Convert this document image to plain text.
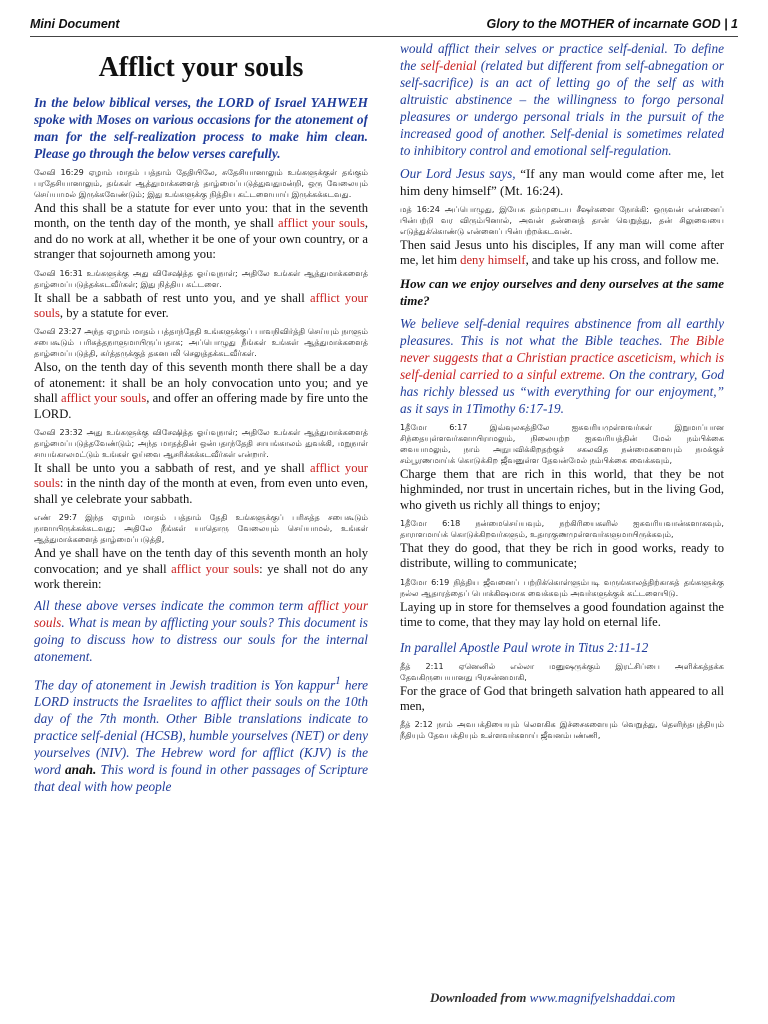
Mini Document	Glory to the MOTHER of incarnate GOD | 1
Afflict your souls

In the below biblical verses, the LORD of Israel YAHWEH spoke with Moses on various occasions for the atonement of man for the self-realization process to make him clean. Please go through the below verses carefully.

லேவி 16:29 ஏழாம் மாதம் பத்தாம் தேதியிலே, சுதேசியானாலும் உங்களுக்குள் தங்கும் பரதேசியானாலும், தங்கள் ஆத்துமாக்களைத் தாழ்மைப்படுத்துவதுமன்றி, ஒரு வேலையும் செய்யாமல் இருக்கவேண்டும்; இது உங்களுக்கு நித்திய கட்டளையாய் இருக்கக்கடவது.

And this shall be a statute for ever unto you: that in the seventh month, on the tenth day of the month, ye shall afflict your souls, and do no work at all, whether it be one of your own country, or a stranger that sojourneth among you:

லேவி 16:31 உங்களுக்கு அது விசேஷித்த ஓய்வுநாள்; அதிலே உங்கள் ஆத்துமாக்களைத் தாழ்மைப்படுத்தக்கடவீர்கள்; இது நித்திய கட்டளை.

It shall be a sabbath of rest unto you, and ye shall afflict your souls, by a statute for ever.

லேவி 23:27 அந்த ஏழாம் மாதம் பத்தாந்தேதி உங்களுக்குப் பாவநிவிர்த்தி செய்யும் நாளும் சபைகூடும் பரிசுத்தநாளுமாயிருப்பதாக; அப்பொழுது நீங்கள் உங்கள் ஆத்துமாக்களைத் தாழ்மைப்படுத்தி, கர்த்தருக்குத் தகனபலி செலுத்தக்கடவீர்கள்.

Also, on the tenth day of this seventh month there shall be a day of atonement: it shall be an holy convocation unto you; and ye shall afflict your souls, and offer an offering made by fire unto the LORD.

லேவி 23:32 அது உங்களுக்கு விசேஷித்த ஓய்வுநாள்; அதிலே உங்கள் ஆத்துமாக்களைத் தாழ்மைப்படுத்தவேண்டும்; அந்த மாதத்தின் ஒன்பதாந்தேதி சாயங்காலம் துவக்கி, மறுநாள் சாயங்காலமட்டும் உங்கள் ஓய்வை ஆசரிக்கக்கடவீர்கள் என்றார்.

It shall be unto you a sabbath of rest, and ye shall afflict your souls: in the ninth day of the month at even, from even unto even, shall ye celebrate your sabbath.

எண் 29:7 இந்த ஏழாம் மாதம் பத்தாம் தேதி உங்களுக்குப் பரிசுத்த சபைகூடும் நாளாயிருக்கக்கடவது; அதிலே நீங்கள் யாதொரு வேலையும் செய்யாமல், உங்கள் ஆத்துமாக்களைத் தாழ்மைப்படுத்தி,

And ye shall have on the tenth day of this seventh month an holy convocation; and ye shall afflict your souls: ye shall not do any work therein:

All these above verses indicate the common term afflict your souls. What is mean by afflicting your souls? This document is going to discuss how to distress our souls for the internal atonement.

The day of atonement in Jewish tradition is Yon kappur$^1$ here LORD instructs the Israelites to afflict their souls on the 10th day of the 7th month. Other Bible translations indicate to practice self-denial (HCSB), humble yourselves (NET) or deny yourselves (NIV). The Hebrew word for afflict (KJV) is the word anah. This word is found in other passages of Scripture that deal with how people

would afflict their selves or practice self-denial. To define the self-denial (related but different from self-abnegation or self-sacrifice) is an act of letting go of the self as with altruistic abstinence – the willingness to forgo personal pleasures or undergo personal trials in the pursuit of the increased good of another. Self-denial is sometimes related to inhibitory control and emotional self-regulation.

Our Lord Jesus says, “If any man would come after me, let him deny himself” (Mt. 16:24).

மத் 16:24 அப்பொழுது, இயேசு தம்முடைய சீஷர்களை நோக்கி: ஒருவன் என்னைப் பின்பற்றி வர விரும்பினால், அவன் தன்னைத் தான் வெறுத்து, தன் சிலுவையை எடுத்துக்கொண்டு என்னைப் பின்பற்றக்கடவன்.

Then said Jesus unto his disciples, If any man will come after me, let him deny himself, and take up his cross, and follow me.

How can we enjoy ourselves and deny ourselves at the same time?

We believe self-denial requires abstinence from all earthly pleasures. This is not what the Bible teaches. The Bible never suggests that a Christian practice asceticism, which is self-denial carried to a sinful extreme. On the contrary, God has richly blessed us “with everything for our enjoyment,” as it says in 1Timothy 6:17-19.

1தீமோ 6:17 இவ்வுலகத்திலே ஐசுவரியமுள்ளவர்கள் இறுமாப்பான சிந்தையுள்ளவர்களாயிராமலும், நிலையற்ற ஐசுவரியத்தின் மேல் நம்பிக்கை வையாமலும், நாம் அநுபவிக்கிறதற்குச் சகலவித நன்மைகளையும் நமக்குச் சம்பூரணமாய்க் கொடுக்கிற ஜீவனுள்ள தேவன்மேல் நம்பிக்கை வைக்கவும்,

Charge them that are rich in this world, that they be not highminded, nor trust in uncertain riches, but in the living God, who giveth us richly all things to enjoy;

1தீமோ 6:18 நன்மைசெய்யவும், நற்கிரியைகளில் ஐசுவரியவான்களாகவும், தாராளமாய்க் கொடுக்கிறவர்களும், உதாரகுணமுள்ளவர்களுமாயிருக்கவும்,

That they do good, that they be rich in good works, ready to distribute, willing to communicate;

1தீமோ 6:19 நித்திய ஜீவனைப் பற்றிக்கொள்ளும்படி வருங்காலத்திற்காகத் தங்களுக்கு நல்ல ஆதாரத்தைப் பொக்கிஷமாக வைக்கவும் அவர்களுக்குக் கட்டளையிடு.

Laying up in store for themselves a good foundation against the time to come, that they may lay hold on eternal life.

In parallel Apostle Paul wrote in Titus 2:11-12

தீத் 2:11 ஏனெனில் எல்லா மனுஷருக்கும் இரட்சிப்பை அளிக்கத்தக்க தேவகிருபையானது பிரசன்னமாகி,

For the grace of God that bringeth salvation hath appeared to all men,

தீத் 2:12 நாம் அவபக்தியையும் லௌகிக இச்சைகளையும் வெறுத்து, தெளிந்தபுத்தியும் நீதியும் தேவபக்தியும் உள்ளவர்களாய் ஜீவனம்பண்ணி,

Downloaded from www.magnifyelshaddai.com
